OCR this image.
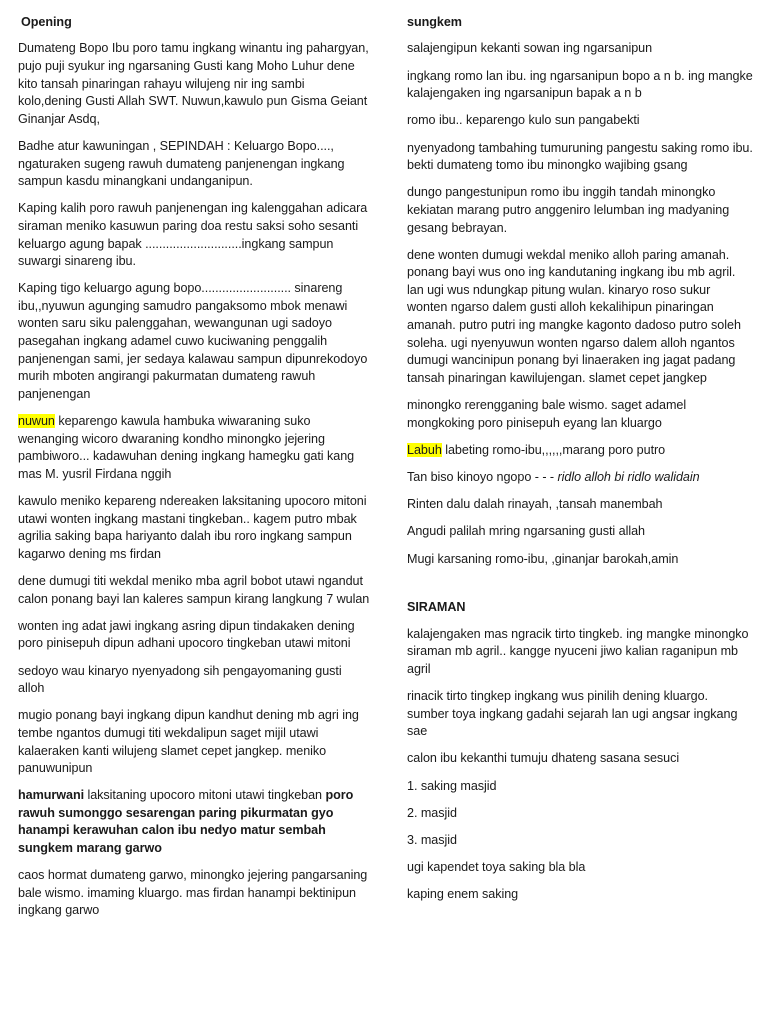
Opening

Dumateng Bopo Ibu poro tamu ingkang winantu ing pahargyan, pujo puji syukur ing ngarsaning Gusti kang Moho Luhur dene kito tansah pinaringan rahayu wilujeng nir ing sambi kolo,dening Gusti Allah SWT. Nuwun,kawulo pun Gisma Geiant Ginanjar Asdq,

Badhe atur kawuningan , SEPINDAH : Keluargo Bopo...., ngaturaken sugeng rawuh dumateng panjenengan ingkang sampun kasdu minangkani undanganipun.

Kaping kalih poro rawuh panjenengan ing kalenggahan adicara siraman meniko kasuwun paring doa restu saksi soho sesanti keluargo agung bapak ............................ingkang sampun suwargi sinareng ibu.

Kaping tigo keluargo agung bopo.......................... sinareng ibu,,nyuwun agunging samudro pangaksomo mbok menawi wonten saru siku palenggahan, wewangunan ugi sadoyo pasegahan ingkang adamel cuwo kuciwaning penggalih panjenengan sami, jer sedaya kalawau sampun dipunrekodoyo murih mboten angirangi pakurmatan dumateng rawuh panjenengan

nuwun keparengo kawula hambuka wiwaraning suko wenanging wicoro dwaraning kondho minongko jejering pambiworo... kadawuhan dening ingkang hamegku gati kang mas M. yusril Firdana nggih

kawulo meniko kepareng ndereaken laksitaning upocoro mitoni utawi wonten ingkang mastani tingkeban.. kagem putro mbak agrilia saking bapa hariyanto dalah ibu roro ingkang sampun kagarwo dening ms firdan

dene dumugi titi wekdal meniko mba agril bobot utawi ngandut calon ponang bayi lan kaleres sampun kirang langkung 7 wulan

wonten ing adat jawi ingkang asring dipun tindakaken dening poro pinisepuh dipun adhani upocoro tingkeban utawi mitoni

sedoyo wau kinaryo nyenyadong sih pengayomaning gusti alloh

mugio ponang bayi ingkang dipun kandhut dening mb agri ing tembe ngantos dumugi titi wekdalipun saget mijil utawi kalaeraken kanti wilujeng slamet cepet jangkep. meniko panuwunipun

hamurwani laksitaning upocoro mitoni utawi tingkeban poro rawuh sumonggo sesarengan paring pikurmatan gyo hanampi kerawuhan calon ibu nedyo matur sembah sungkem marang garwo

caos hormat dumateng garwo, minongko jejering pangarsaning bale wismo. imaming kluargo. mas firdan hanampi bektinipun ingkang garwo

sungkem

salajengipun kekanti sowan ing ngarsanipun

ingkang romo lan ibu. ing ngarsanipun bopo a n b. ing mangke kalajengaken ing ngarsanipun bapak a n b

romo ibu.. keparengo kulo sun pangabekti

nyenyadong tambahing tumuruning pangestu saking romo ibu. bekti dumateng tomo ibu minongko wajibing gsang

dungo pangestunipun romo ibu inggih tandah minongko kekiatan marang putro anggeniro lelumban ing madyaning gesang bebrayan.

dene wonten dumugi wekdal meniko alloh paring amanah. ponang bayi wus ono ing kandutaning ingkang ibu mb agril. lan ugi wus ndungkap pitung wulan. kinaryo roso sukur wonten ngarso dalem gusti alloh kekalihipun pinaringan amanah. putro putri ing mangke kagonto dadoso putro soleh soleha. ugi nyenyuwun wonten ngarso dalem alloh ngantos dumugi wancinipun ponang byi linaeraken ing jagat padang tansah pinaringan kawilujengan. slamet cepet jangkep

minongko rerengganing bale wismo. saget adamel mongkoking poro pinisepuh eyang lan kluargo

Labuh labeting romo-ibu,,,,,,marang poro putro

Tan biso kinoyo ngopo - - - ridlo alloh bi ridlo walidain

Rinten dalu dalah rinayah, ,tansah manembah

Angudi palilah mring ngarsaning gusti allah

Mugi karsaning romo-ibu, ,ginanjar barokah,amin

SIRAMAN

kalajengaken mas ngracik tirto tingkeb. ing mangke minongko siraman mb agril.. kangge nyuceni jiwo kalian raganipun mb agril

rinacik tirto tingkep ingkang wus pinilih dening kluargo. sumber toya ingkang gadahi sejarah lan ugi angsar ingkang sae

calon ibu kekanthi tumuju dhateng sasana sesuci

1. saking masjid

2. masjid

3. masjid

ugi kapendet toya saking bla bla

kaping enem saking
